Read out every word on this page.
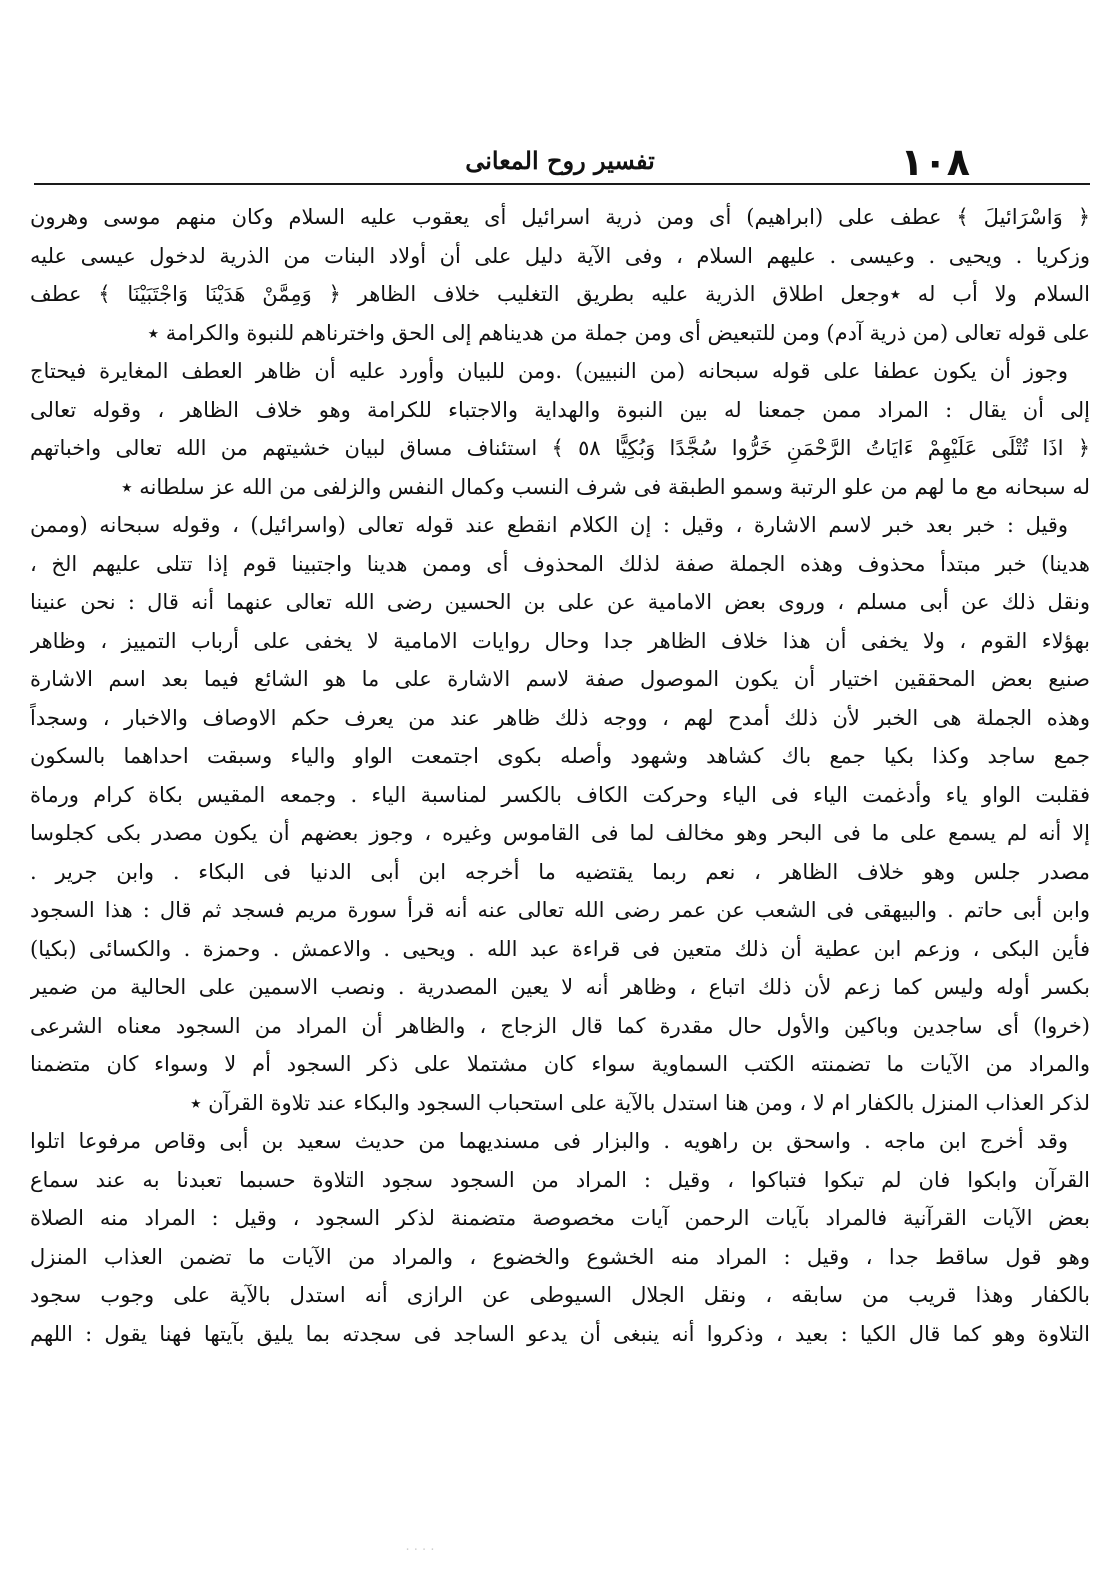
١٠٨
تفسير روح المعانى
﴿ وَاسْرَائيلَ ﴾ عطف على (ابراهيم) أى ومن ذرية اسرائيل أى يعقوب عليه السلام وكان منهم موسى وهرون
وزكريا . ويحيى . وعيسى . عليهم السلام ، وفى الآية دليل على أن أولاد البنات من الذرية لدخول عيسى عليه
السلام ولا أب له ٭وجعل اطلاق الذرية عليه بطريق التغليب خلاف الظاهر ﴿ وَمِمَّنْ هَدَيْنَا وَاجْتَبَيْنَا ﴾ عطف
على قوله تعالى (من ذرية آدم) ومن للتبعيض أى ومن جملة من هديناهم إلى الحق واخترناهم للنبوة والكرامة ٭
وجوز أن يكون عطفا على قوله سبحانه (من النبيين) .ومن للبيان وأورد عليه أن ظاهر العطف المغايرة فيحتاج
إلى أن يقال : المراد ممن جمعنا له بين النبوة والهداية والاجتباء للكرامة وهو خلاف الظاهر ، وقوله تعالى
﴿ اذَا تُتْلَى عَلَيْهِمْ ءَايَاتُ الرَّحْمَنِ خَرُّوا سُجَّدًا وَبُكِيًّا ٥٨ ﴾ استئناف مساق لبيان خشيتهم من الله تعالى واخباتهم
له سبحانه مع ما لهم من علو الرتبة وسمو الطبقة فى شرف النسب وكمال النفس والزلفى من الله عز سلطانه ٭
وقيل : خبر بعد خبر لاسم الاشارة ، وقيل : إن الكلام انقطع عند قوله تعالى (واسرائيل) ، وقوله سبحانه (وممن
هدينا) خبر مبتدأ محذوف وهذه الجملة صفة لذلك المحذوف أى وممن هدينا واجتبينا قوم إذا تتلى عليهم الخ ،
ونقل ذلك عن أبى مسلم ، وروى بعض الامامية عن على بن الحسين رضى الله تعالى عنهما أنه قال : نحن عنينا
بهؤلاء القوم ، ولا يخفى أن هذا خلاف الظاهر جدا وحال روايات الامامية لا يخفى على أرباب التمييز ، وظاهر
صنيع بعض المحققين اختيار أن يكون الموصول صفة لاسم الاشارة على ما هو الشائع فيما بعد اسم الاشارة
وهذه الجملة هى الخبر لأن ذلك أمدح لهم ، ووجه ذلك ظاهر عند من يعرف حكم الاوصاف والاخبار ، وسجداً
جمع ساجد وكذا بكيا جمع باك كشاهد وشهود وأصله بكوى اجتمعت الواو والياء وسبقت احداهما بالسكون
فقلبت الواو ياء وأدغمت الياء فى الياء وحركت الكاف بالكسر لمناسبة الياء . وجمعه المقيس بكاة كرام ورماة
إلا أنه لم يسمع على ما فى البحر وهو مخالف لما فى القاموس وغيره ، وجوز بعضهم أن يكون مصدر بكى كجلوسا
مصدر جلس وهو خلاف الظاهر ، نعم ربما يقتضيه ما أخرجه ابن أبى الدنيا فى البكاء . وابن جرير .
وابن أبى حاتم . والبيهقى فى الشعب عن عمر رضى الله تعالى عنه أنه قرأ سورة مريم فسجد ثم قال : هذا السجود
فأين البكى ، وزعم ابن عطية أن ذلك متعين فى قراءة عبد الله . ويحيى . والاعمش . وحمزة . والكسائى (بكيا)
بكسر أوله وليس كما زعم لأن ذلك اتباع ، وظاهر أنه لا يعين المصدرية . ونصب الاسمين على الحالية من ضمير
(خروا) أى ساجدين وباكين والأول حال مقدرة كما قال الزجاج ، والظاهر أن المراد من السجود معناه الشرعى
والمراد من الآيات ما تضمنته الكتب السماوية سواء كان مشتملا على ذكر السجود أم لا وسواء كان متضمنا
لذكر العذاب المنزل بالكفار ام لا ، ومن هنا استدل بالآية على استحباب السجود والبكاء عند تلاوة القرآن ٭
وقد أخرج ابن ماجه . واسحق بن راهويه . والبزار فى مسنديهما من حديث سعيد بن أبى وقاص مرفوعا اتلوا
القرآن وابكوا فان لم تبكوا فتباكوا ، وقيل : المراد من السجود سجود التلاوة حسبما تعبدنا به عند سماع
بعض الآيات القرآنية فالمراد بآيات الرحمن آيات مخصوصة متضمنة لذكر السجود ، وقيل : المراد منه الصلاة
وهو قول ساقط جدا ، وقيل : المراد منه الخشوع والخضوع ، والمراد من الآيات ما تضمن العذاب المنزل
بالكفار وهذا قريب من سابقه ، ونقل الجلال السيوطى عن الرازى أنه استدل بالآية على وجوب سجود
التلاوة وهو كما قال الكيا : بعيد ، وذكروا أنه ينبغى أن يدعو الساجد فى سجدته بما يليق بآيتها فهنا يقول : اللهم
· · · ·
